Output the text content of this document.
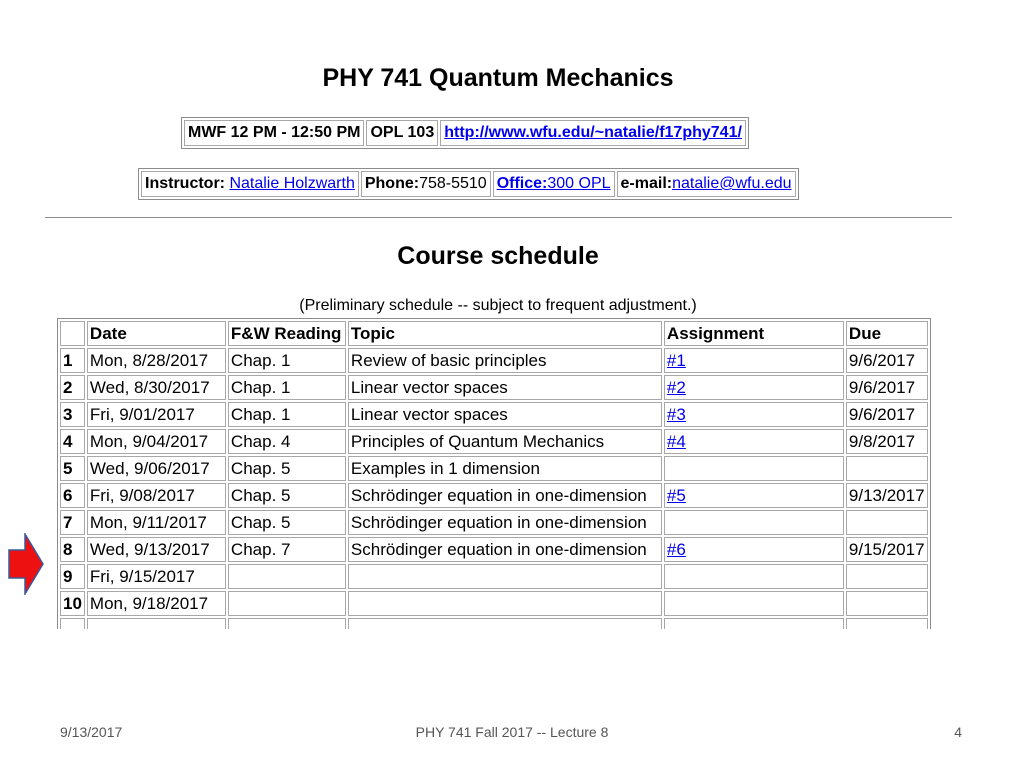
PHY 741 Quantum Mechanics
MWF 12 PM - 12:50 PM	OPL 103	http://www.wfu.edu/~natalie/f17phy741/
Instructor: Natalie Holzwarth	Phone:758-5510	Office:300 OPL	e-mail:natalie@wfu.edu
Course schedule
(Preliminary schedule -- subject to frequent adjustment.)
	Date	F&W Reading	Topic	Assignment	Due
1	Mon, 8/28/2017	Chap. 1	Review of basic principles	#1	9/6/2017
2	Wed, 8/30/2017	Chap. 1	Linear vector spaces	#2	9/6/2017
3	Fri, 9/01/2017	Chap. 1	Linear vector spaces	#3	9/6/2017
4	Mon, 9/04/2017	Chap. 4	Principles of Quantum Mechanics	#4	9/8/2017
5	Wed, 9/06/2017	Chap. 5	Examples in 1 dimension		
6	Fri, 9/08/2017	Chap. 5	Schrödinger equation in one-dimension	#5	9/13/2017
7	Mon, 9/11/2017	Chap. 5	Schrödinger equation in one-dimension		
8	Wed, 9/13/2017	Chap. 7	Schrödinger equation in one-dimension	#6	9/15/2017
9	Fri, 9/15/2017				
10	Mon, 9/18/2017				

9/13/2017	PHY 741 Fall 2017 -- Lecture 8	4
